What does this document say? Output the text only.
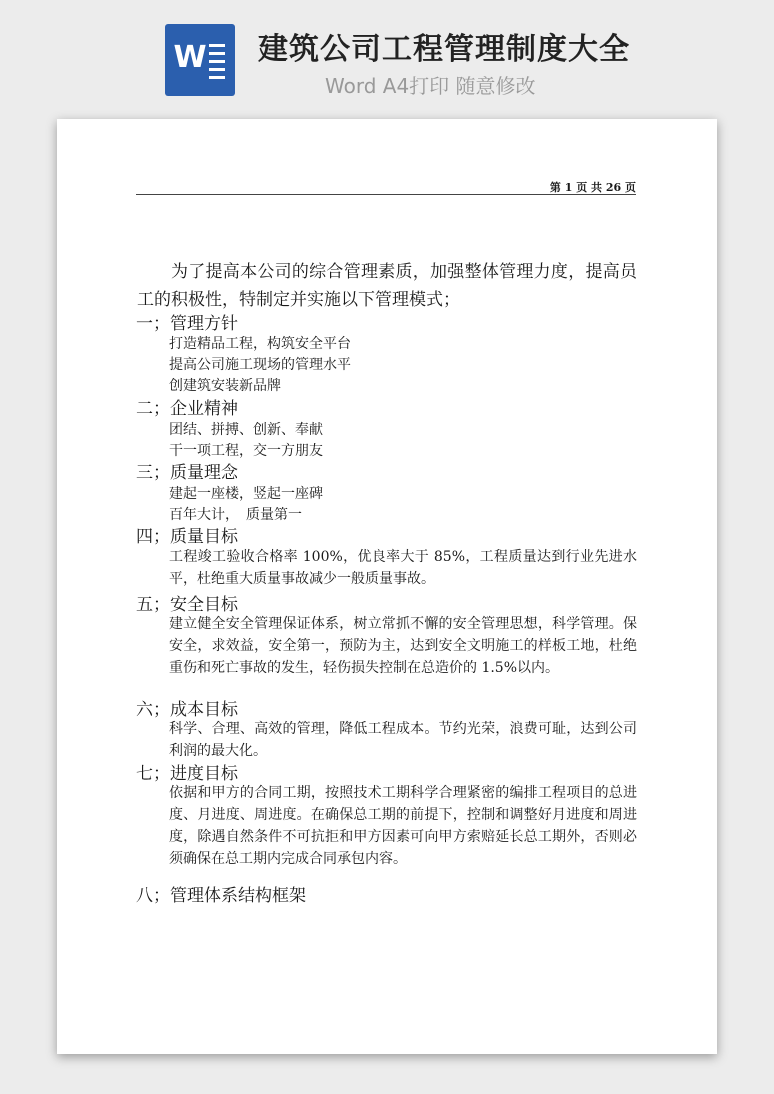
W 建筑公司工程管理制度大全
Word A4打印 随意修改

第 1 页 共 26 页

为了提高本公司的综合管理素质，加强整体管理力度，提高员工的积极性，特制定并实施以下管理模式；

一；管理方针
打造精品工程，构筑安全平台
提高公司施工现场的管理水平
创建筑安装新品牌
二；企业精神
团结、拼搏、创新、奉献
干一项工程，交一方朋友
三；质量理念
建起一座楼，竖起一座碑
百年大计，　质量第一
四；质量目标

工程竣工验收合格率 100%，优良率大于 85%，工程质量达到行业先进水平，杜绝重大质量事故减少一般质量事故。

五；安全目标

建立健全安全管理保证体系，树立常抓不懈的安全管理思想，科学管理。保安全，求效益，安全第一，预防为主，达到安全文明施工的样板工地，杜绝重伤和死亡事故的发生，轻伤损失控制在总造价的 1.5%以内。

六；成本目标

科学、合理、高效的管理，降低工程成本。节约光荣，浪费可耻，达到公司利润的最大化。

七；进度目标

依据和甲方的合同工期，按照技术工期科学合理紧密的编排工程项目的总进度、月进度、周进度。在确保总工期的前提下，控制和调整好月进度和周进度，除遇自然条件不可抗拒和甲方因素可向甲方索赔延长总工期外，否则必须确保在总工期内完成合同承包内容。

八；管理体系结构框架
